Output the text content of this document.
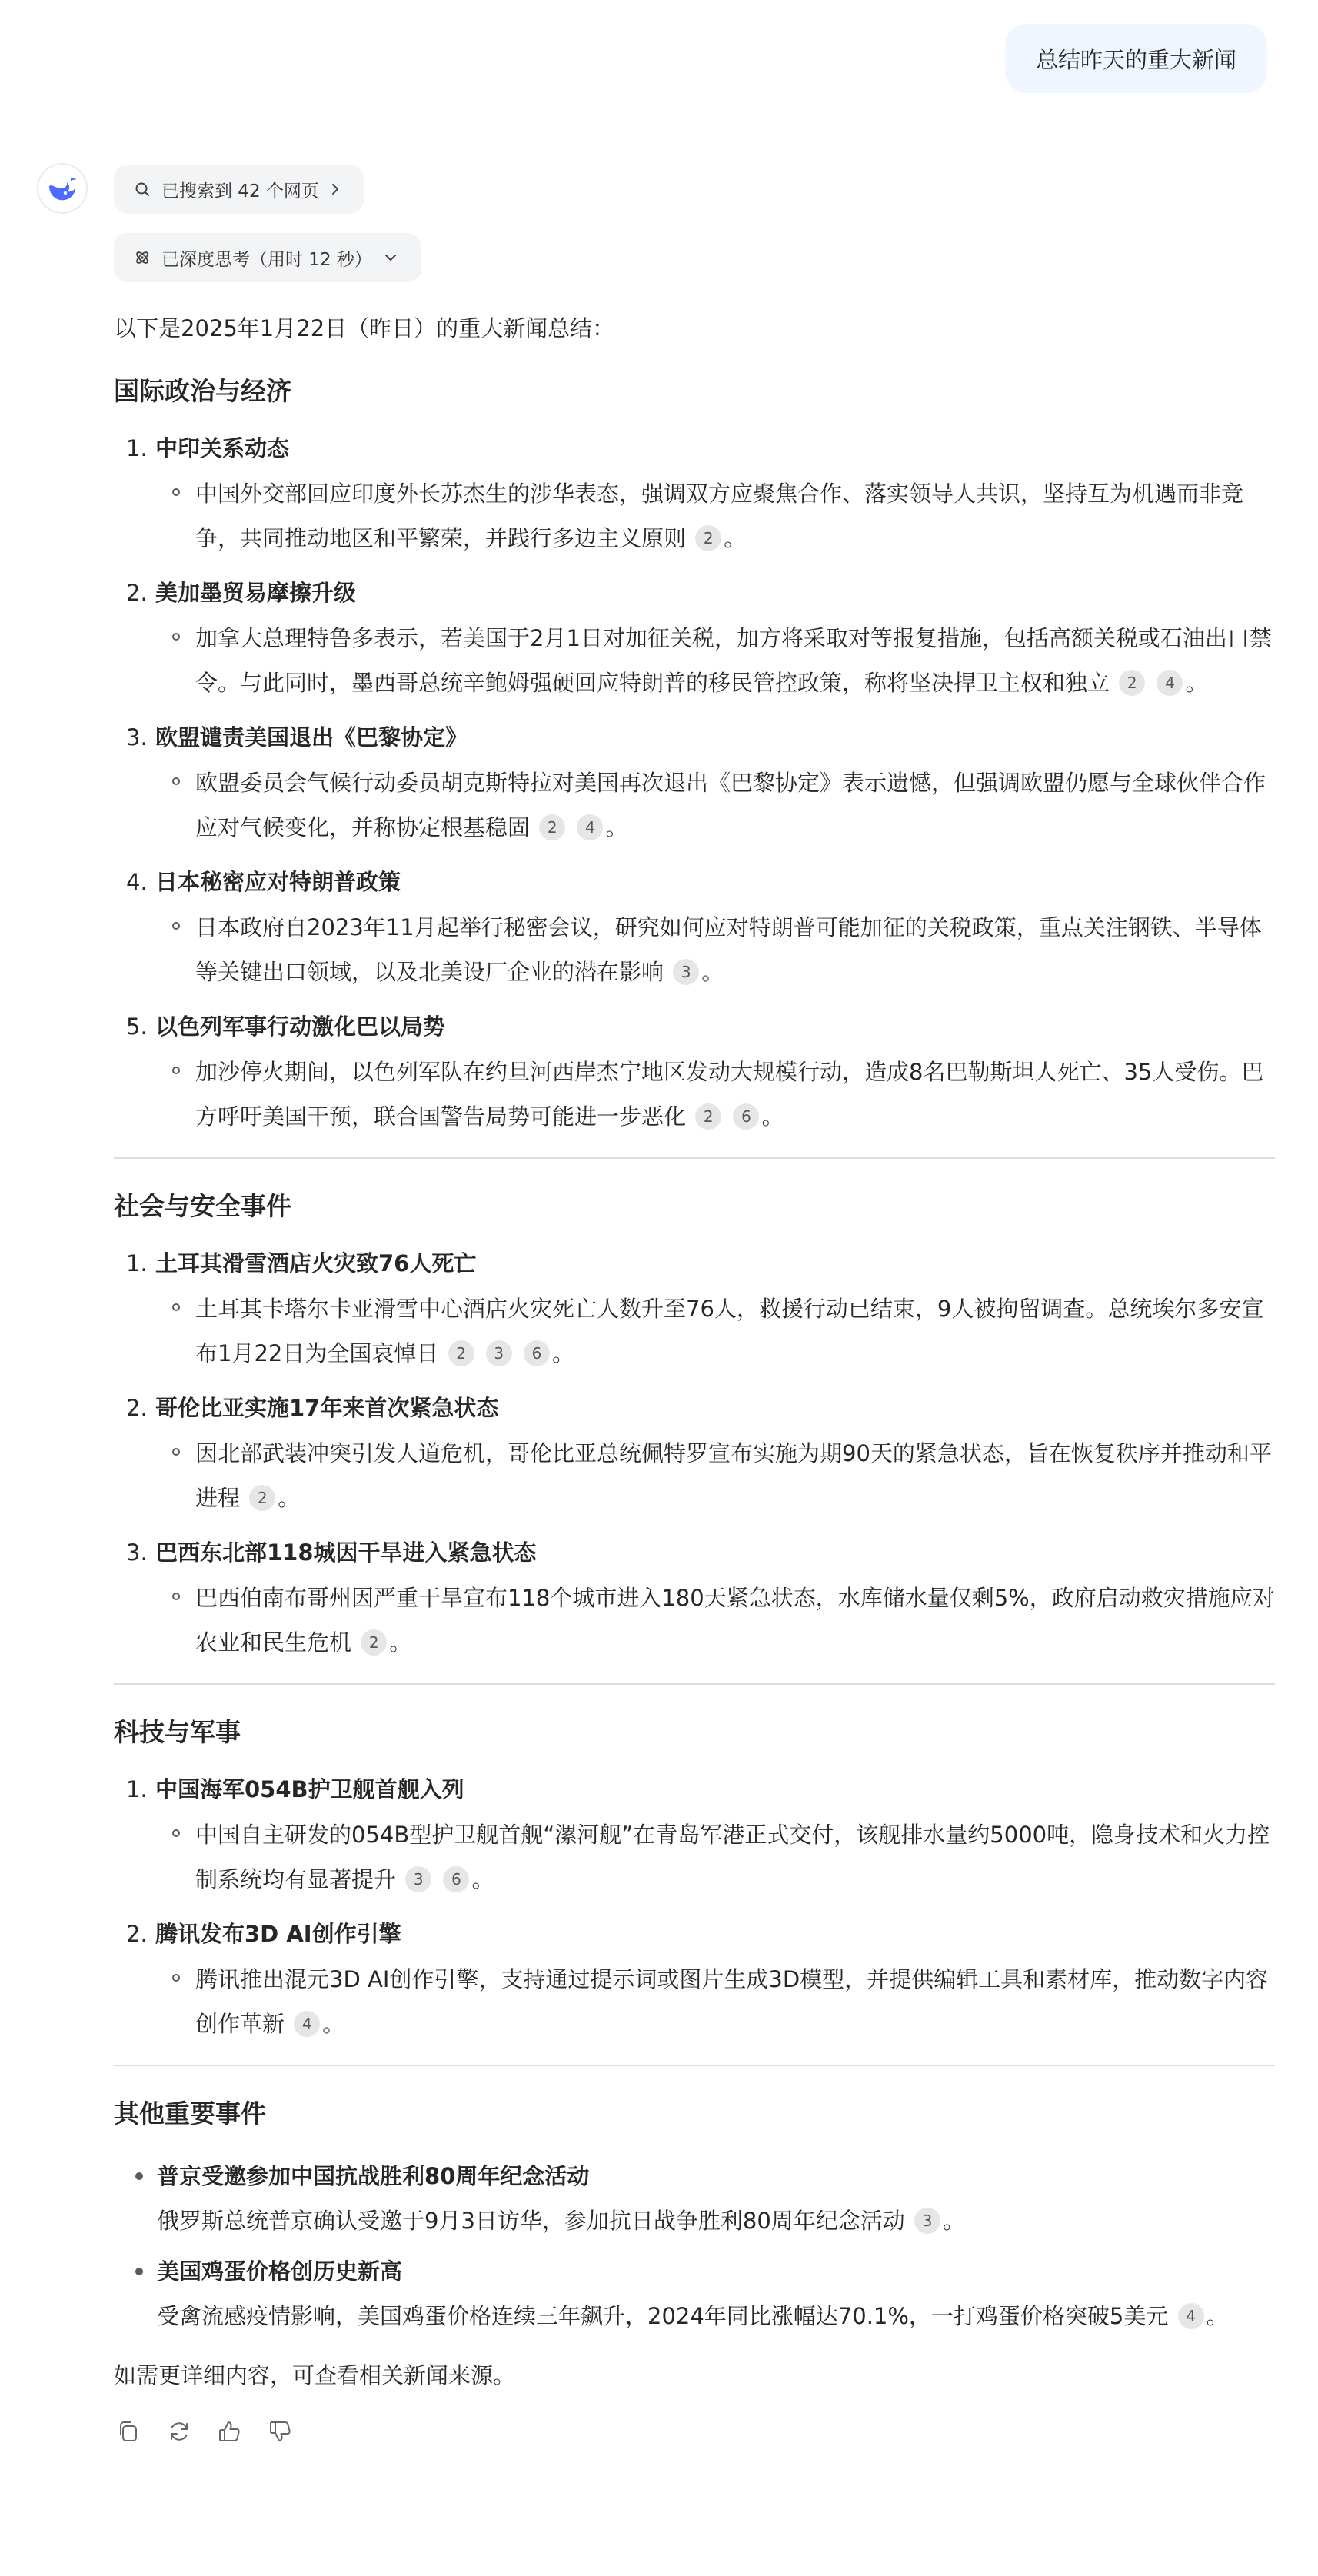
总结昨天的重大新闻
已搜索到 42 个网页
已深度思考（用时 12 秒）

以下是2025年1月22日（昨日）的重大新闻总结：

国际政治与经济
1. 中印关系动态
中国外交部回应印度外长苏杰生的涉华表态，强调双方应聚焦合作、落实领导人共识，坚持互为机遇而非竞争，共同推动地区和平繁荣，并践行多边主义原则 2 。
2. 美加墨贸易摩擦升级
加拿大总理特鲁多表示，若美国于2月1日对加征关税，加方将采取对等报复措施，包括高额关税或石油出口禁令。与此同时，墨西哥总统辛鲍姆强硬回应特朗普的移民管控政策，称将坚决捍卫主权和独立 2 4 。
3. 欧盟谴责美国退出《巴黎协定》
欧盟委员会气候行动委员胡克斯特拉对美国再次退出《巴黎协定》表示遗憾，但强调欧盟仍愿与全球伙伴合作应对气候变化，并称协定根基稳固 2 4 。
4. 日本秘密应对特朗普政策
日本政府自2023年11月起举行秘密会议，研究如何应对特朗普可能加征的关税政策，重点关注钢铁、半导体等关键出口领域，以及北美设厂企业的潜在影响 3 。
5. 以色列军事行动激化巴以局势
加沙停火期间，以色列军队在约旦河西岸杰宁地区发动大规模行动，造成8名巴勒斯坦人死亡、35人受伤。巴方呼吁美国干预，联合国警告局势可能进一步恶化 2 6 。
社会与安全事件
1. 土耳其滑雪酒店火灾致76人死亡
土耳其卡塔尔卡亚滑雪中心酒店火灾死亡人数升至76人，救援行动已结束，9人被拘留调查。总统埃尔多安宣布1月22日为全国哀悼日 2 3 6 。
2. 哥伦比亚实施17年来首次紧急状态
因北部武装冲突引发人道危机，哥伦比亚总统佩特罗宣布实施为期90天的紧急状态，旨在恢复秩序并推动和平进程 2 。
3. 巴西东北部118城因干旱进入紧急状态
巴西伯南布哥州因严重干旱宣布118个城市进入180天紧急状态，水库储水量仅剩5%，政府启动救灾措施应对农业和民生危机 2 。
科技与军事
1. 中国海军054B护卫舰首舰入列
中国自主研发的054B型护卫舰首舰“漯河舰”在青岛军港正式交付，该舰排水量约5000吨，隐身技术和火力控制系统均有显著提升 3 6 。
2. 腾讯发布3D AI创作引擎
腾讯推出混元3D AI创作引擎，支持通过提示词或图片生成3D模型，并提供编辑工具和素材库，推动数字内容创作革新 4 。
其他重要事件
普京受邀参加中国抗战胜利80周年纪念活动
俄罗斯总统普京确认受邀于9月3日访华，参加抗日战争胜利80周年纪念活动 3 。
美国鸡蛋价格创历史新高
受禽流感疫情影响，美国鸡蛋价格连续三年飙升，2024年同比涨幅达70.1%，一打鸡蛋价格突破5美元 4 。

如需更详细内容，可查看相关新闻来源。
